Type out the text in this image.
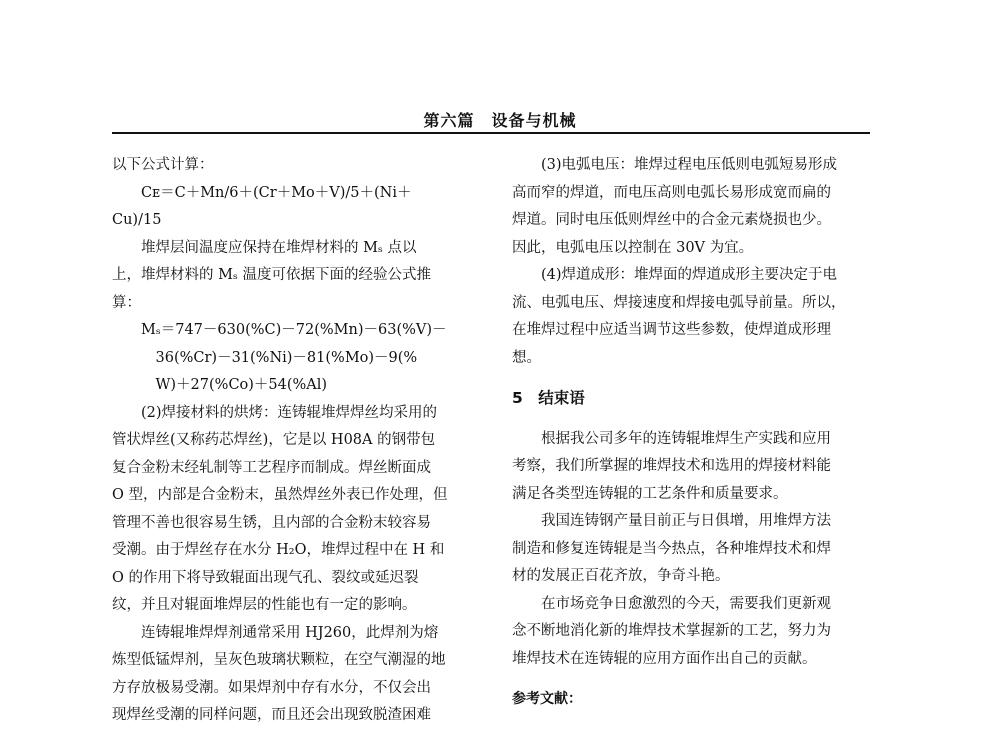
第六篇　设备与机械
以下公式计算：
　　Cᴇ＝C＋Mn/6＋(Cr＋Mo＋V)/5＋(Ni＋
Cu)/15
　　堆焊层间温度应保持在堆焊材料的 Mₛ 点以
上，堆焊材料的 Mₛ 温度可依据下面的经验公式推
算：
　　Mₛ＝747－630(%C)－72(%Mn)－63(%V)－
　　　36(%Cr)－31(%Ni)－81(%Mo)－9(%
　　　W)＋27(%Co)＋54(%Al)
　　(2)焊接材料的烘烤：连铸辊堆焊焊丝均采用的
管状焊丝(又称药芯焊丝)，它是以 H08A 的钢带包
复合金粉末经轧制等工艺程序而制成。焊丝断面成
O 型，内部是合金粉末，虽然焊丝外表已作处理，但
管理不善也很容易生锈，且内部的合金粉末较容易
受潮。由于焊丝存在水分 H₂O，堆焊过程中在 H 和
O 的作用下将导致辊面出现气孔、裂纹或延迟裂
纹，并且对辊面堆焊层的性能也有一定的影响。
　　连铸辊堆焊焊剂通常采用 HJ260，此焊剂为熔
炼型低锰焊剂，呈灰色玻璃状颗粒，在空气潮湿的地
方存放极易受潮。如果焊剂中存有水分，不仅会出
现焊丝受潮的同样问题，而且还会出现致脱渣困难
　　(3)电弧电压：堆焊过程电压低则电弧短易形成
高而窄的焊道，而电压高则电弧长易形成宽而扁的
焊道。同时电压低则焊丝中的合金元素烧损也少。
因此，电弧电压以控制在 30V 为宜。
　　(4)焊道成形：堆焊面的焊道成形主要决定于电
流、电弧电压、焊接速度和焊接电弧导前量。所以，
在堆焊过程中应适当调节这些参数，使焊道成形理
想。
5　结束语
　　根据我公司多年的连铸辊堆焊生产实践和应用
考察，我们所掌握的堆焊技术和选用的焊接材料能
满足各类型连铸辊的工艺条件和质量要求。
　　我国连铸钢产量目前正与日俱增，用堆焊方法
制造和修复连铸辊是当今热点，各种堆焊技术和焊
材的发展正百花齐放，争奇斗艳。
　　在市场竞争日愈激烈的今天，需要我们更新观
念不断地消化新的堆焊技术掌握新的工艺，努力为
堆焊技术在连铸辊的应用方面作出自己的贡献。
参考文献：
